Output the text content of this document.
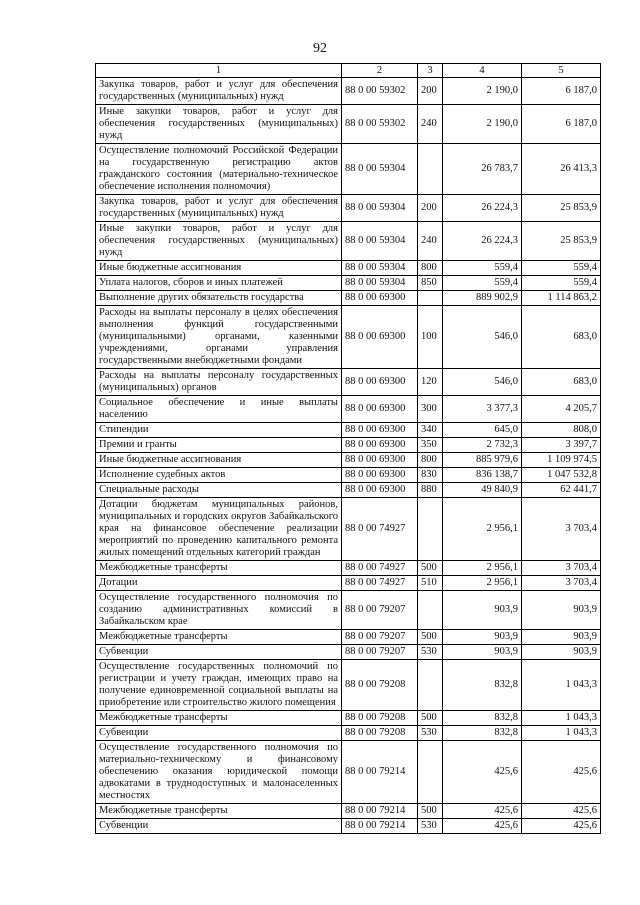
92
1	2	3	4	5
Закупка товаров, работ и услуг для обеспечения государственных (муниципальных) нужд	88 0 00 59302	200	2 190,0	6 187,0
Иные закупки товаров, работ и услуг для обеспечения государственных (муниципальных) нужд	88 0 00 59302	240	2 190,0	6 187,0
Осуществление полномочий Российской Федерации на государственную регистрацию актов гражданского состояния (материально-техническое обеспечение исполнения полномочия)	88 0 00 59304		26 783,7	26 413,3
Закупка товаров, работ и услуг для обеспечения государственных (муниципальных) нужд	88 0 00 59304	200	26 224,3	25 853,9
Иные закупки товаров, работ и услуг для обеспечения государственных (муниципальных) нужд	88 0 00 59304	240	26 224,3	25 853,9
Иные бюджетные ассигнования	88 0 00 59304	800	559,4	559,4
Уплата налогов, сборов и иных платежей	88 0 00 59304	850	559,4	559,4
Выполнение других обязательств государства	88 0 00 69300		889 902,9	1 114 863,2
Расходы на выплаты персоналу в целях обеспечения выполнения функций государственными (муниципальными) органами, казенными учреждениями, органами управления государственными внебюджетными фондами	88 0 00 69300	100	546,0	683,0
Расходы на выплаты персоналу государственных (муниципальных) органов	88 0 00 69300	120	546,0	683,0
Социальное обеспечение и иные выплаты населению	88 0 00 69300	300	3 377,3	4 205,7
Стипендии	88 0 00 69300	340	645,0	808,0
Премии и гранты	88 0 00 69300	350	2 732,3	3 397,7
Иные бюджетные ассигнования	88 0 00 69300	800	885 979,6	1 109 974,5
Исполнение судебных актов	88 0 00 69300	830	836 138,7	1 047 532,8
Специальные расходы	88 0 00 69300	880	49 840,9	62 441,7
Дотации бюджетам муниципальных районов, муниципальных и городских округов Забайкальского края на финансовое обеспечение реализации мероприятий по проведению капитального ремонта жилых помещений отдельных категорий граждан	88 0 00 74927		2 956,1	3 703,4
Межбюджетные трансферты	88 0 00 74927	500	2 956,1	3 703,4
Дотации	88 0 00 74927	510	2 956,1	3 703,4
Осуществление государственного полномочия по созданию административных комиссий в Забайкальском крае	88 0 00 79207		903,9	903,9
Межбюджетные трансферты	88 0 00 79207	500	903,9	903,9
Субвенции	88 0 00 79207	530	903,9	903,9
Осуществление государственных полномочий по регистрации и учету граждан, имеющих право на получение единовременной социальной выплаты на приобретение или строительство жилого помещения	88 0 00 79208		832,8	1 043,3
Межбюджетные трансферты	88 0 00 79208	500	832,8	1 043,3
Субвенции	88 0 00 79208	530	832,8	1 043,3
Осуществление государственного полномочия по материально-техническому и финансовому обеспечению оказания юридической помощи адвокатами в труднодоступных и малонаселенных местностях	88 0 00 79214		425,6	425,6
Межбюджетные трансферты	88 0 00 79214	500	425,6	425,6
Субвенции	88 0 00 79214	530	425,6	425,6
